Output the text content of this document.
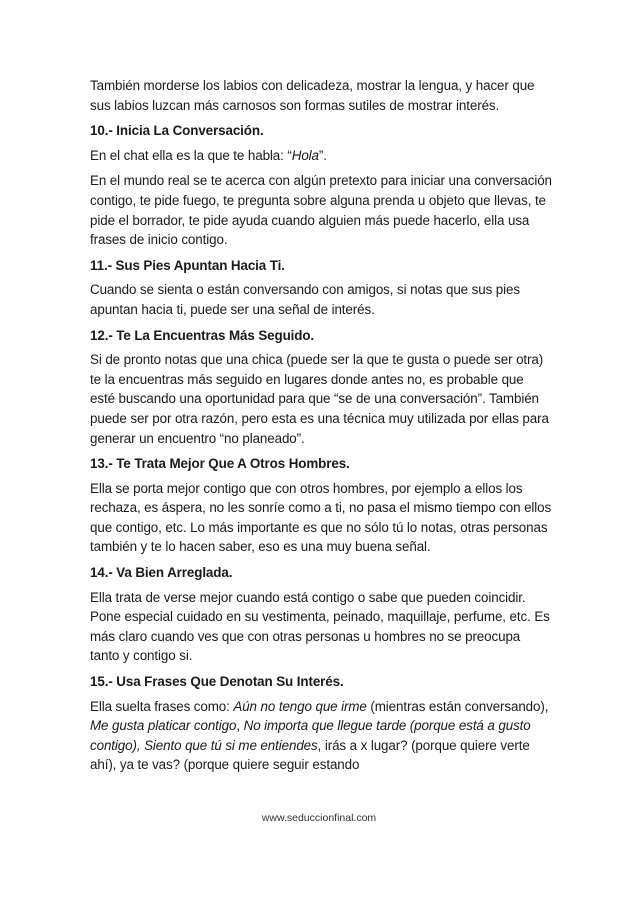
También morderse los labios con delicadeza, mostrar la lengua, y hacer que sus labios luzcan más carnosos son formas sutiles de mostrar interés.

10.- Inicia La Conversación.

En el chat ella es la que te habla: “Hola”.

En el mundo real se te acerca con algún pretexto para iniciar una conversación contigo, te pide fuego, te pregunta sobre alguna prenda u objeto que llevas, te pide el borrador, te pide ayuda cuando alguien más puede hacerlo, ella usa frases de inicio contigo.

11.- Sus Pies Apuntan Hacia Ti.

Cuando se sienta o están conversando con amigos, si notas que sus pies apuntan hacia ti, puede ser una señal de interés.

12.- Te La Encuentras Más Seguido.

Si de pronto notas que una chica (puede ser la que te gusta o puede ser otra) te la encuentras más seguido en lugares donde antes no, es probable que esté buscando una oportunidad para que “se de una conversación”. También puede ser por otra razón, pero esta es una técnica muy utilizada por ellas para generar un encuentro “no planeado”.

13.- Te Trata Mejor Que A Otros Hombres.

Ella se porta mejor contigo que con otros hombres, por ejemplo a ellos los rechaza, es áspera, no les sonríe como a ti, no pasa el mismo tiempo con ellos que contigo, etc. Lo más importante es que no sólo tú lo notas, otras personas también y te lo hacen saber, eso es una muy buena señal.

14.- Va Bien Arreglada.

Ella trata de verse mejor cuando está contigo o sabe que pueden coincidir. Pone especial cuidado en su vestimenta, peinado, maquillaje, perfume, etc. Es más claro cuando ves que con otras personas u hombres no se preocupa tanto y contigo si.

15.- Usa Frases Que Denotan Su Interés.

Ella suelta frases como: Aún no tengo que irme (mientras están conversando), Me gusta platicar contigo, No importa que llegue tarde (porque está a gusto contigo), Siento que tú si me entiendes, irás a x lugar? (porque quiere verte ahí), ya te vas? (porque quiere seguir estando

www.seduccionfinal.com
